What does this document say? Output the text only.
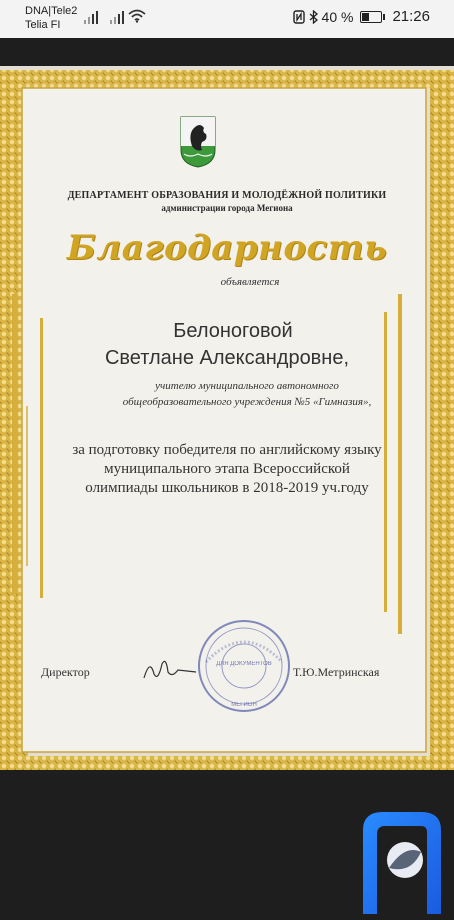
DNA|Tele2
Telia FI
40 %	21:26
ДЕПАРТАМЕНТ ОБРАЗОВАНИЯ И МОЛОДЁЖНОЙ ПОЛИТИКИ
администрации города Мегиона
Благодарность
объявляется
Белоноговой
Светлане Александровне,
учителю муниципального автономного
общеобразовательного учреждения №5 «Гимназия»,
за подготовку победителя по английскому языку
муниципального этапа Всероссийской
олимпиады школьников в 2018-2019 уч.году
ДЛЯ ДОКУМЕНТОВ
МЕГИОН
Директор	Т.Ю.Метринская
